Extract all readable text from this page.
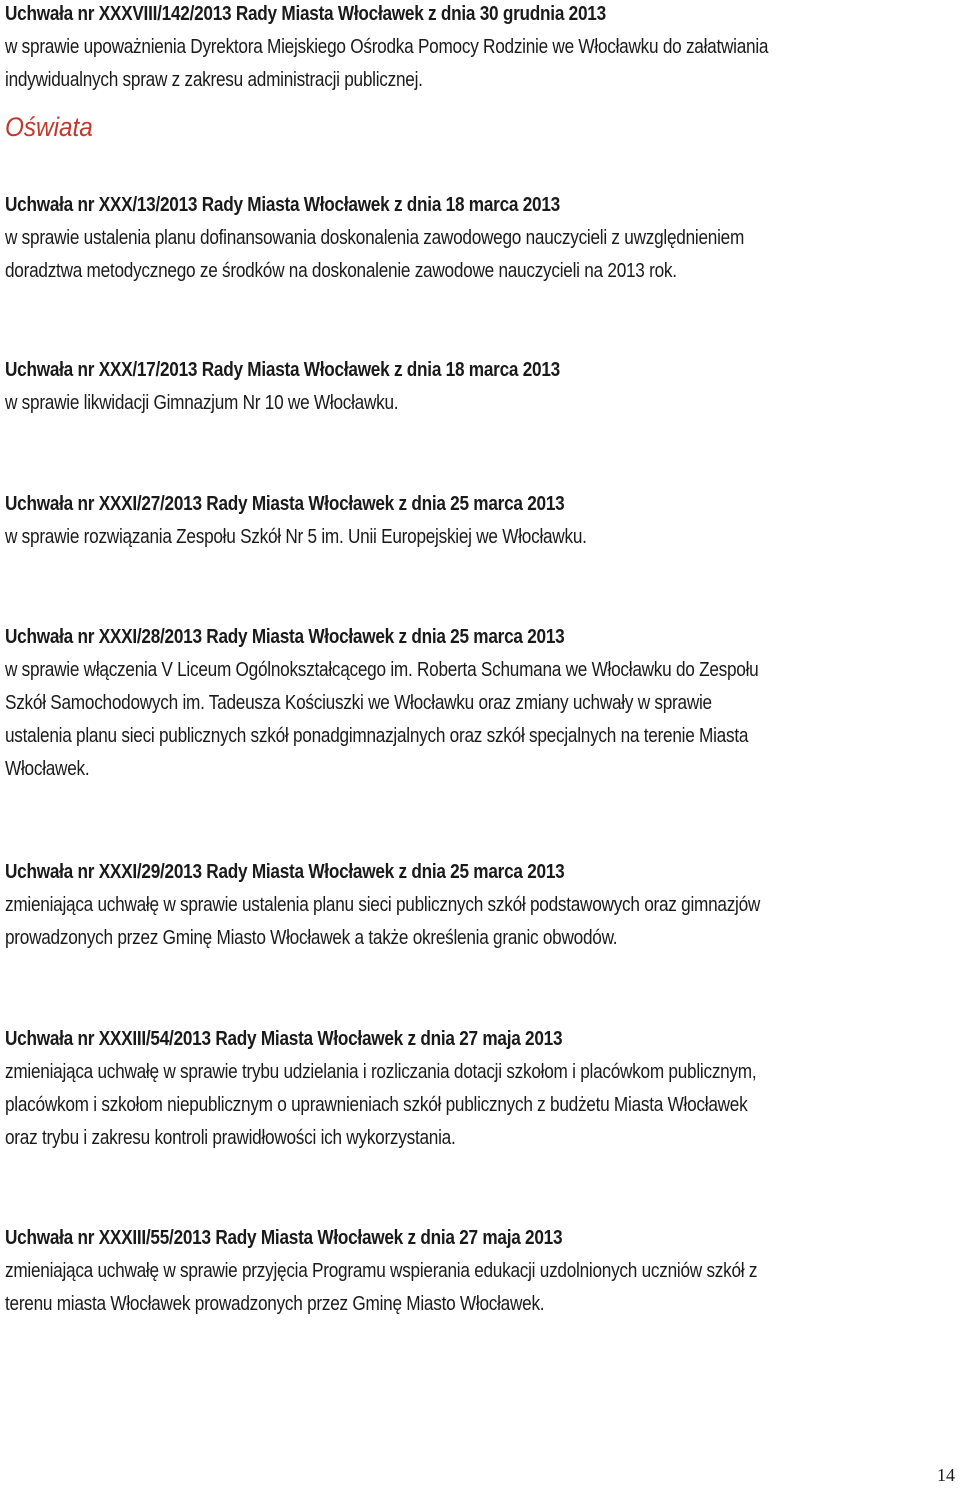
Uchwała nr XXXVIII/142/2013 Rady Miasta Włocławek z dnia 30 grudnia 2013
w sprawie upoważnienia Dyrektora Miejskiego Ośrodka Pomocy Rodzinie we Włocławku do załatwiania
indywidualnych spraw z zakresu administracji publicznej.
Oświata
Uchwała nr XXX/13/2013 Rady Miasta Włocławek z dnia 18 marca 2013
w sprawie ustalenia planu dofinansowania doskonalenia zawodowego nauczycieli z uwzględnieniem
doradztwa metodycznego ze środków na doskonalenie zawodowe nauczycieli na 2013 rok.
Uchwała nr XXX/17/2013 Rady Miasta Włocławek z dnia 18 marca 2013
w sprawie likwidacji Gimnazjum Nr 10 we Włocławku.
Uchwała nr XXXI/27/2013 Rady Miasta Włocławek z dnia 25 marca 2013
w sprawie rozwiązania Zespołu Szkół Nr 5 im. Unii Europejskiej we Włocławku.
Uchwała nr XXXI/28/2013 Rady Miasta Włocławek z dnia 25 marca 2013
w sprawie włączenia V Liceum Ogólnokształcącego im. Roberta Schumana we Włocławku do Zespołu
Szkół Samochodowych im. Tadeusza Kościuszki we Włocławku oraz zmiany uchwały w sprawie
ustalenia planu sieci publicznych szkół ponadgimnazjalnych oraz szkół specjalnych na terenie Miasta
Włocławek.
Uchwała nr XXXI/29/2013 Rady Miasta Włocławek z dnia 25 marca 2013
zmieniająca uchwałę w sprawie ustalenia planu sieci publicznych szkół podstawowych oraz gimnazjów
prowadzonych przez Gminę Miasto Włocławek a także określenia granic obwodów.
Uchwała nr XXXIII/54/2013 Rady Miasta Włocławek z dnia 27 maja 2013
zmieniająca uchwałę w sprawie trybu udzielania i rozliczania dotacji szkołom i placówkom publicznym,
placówkom i szkołom niepublicznym o uprawnieniach szkół publicznych z budżetu Miasta Włocławek
oraz trybu i zakresu kontroli prawidłowości ich wykorzystania.
Uchwała nr XXXIII/55/2013 Rady Miasta Włocławek z dnia 27 maja 2013
zmieniająca uchwałę w sprawie przyjęcia Programu wspierania edukacji uzdolnionych uczniów szkół z
terenu miasta Włocławek prowadzonych przez Gminę Miasto Włocławek.
14
